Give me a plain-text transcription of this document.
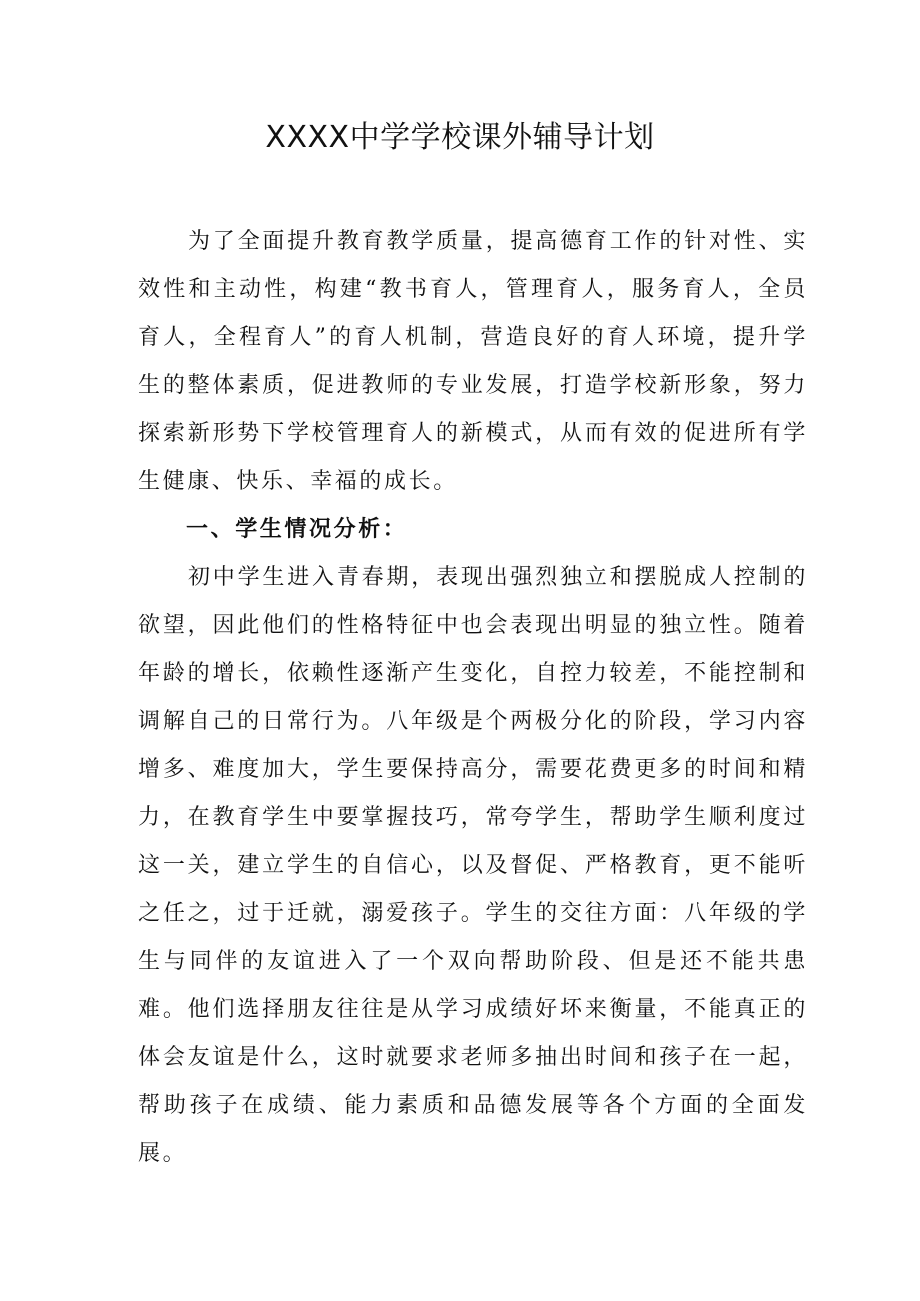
XXXX中学学校课外辅导计划

为了全面提升教育教学质量，提高德育工作的针对性、实效性和主动性，构建“教书育人，管理育人，服务育人，全员育人，全程育人”的育人机制，营造良好的育人环境，提升学生的整体素质，促进教师的专业发展，打造学校新形象，努力探索新形势下学校管理育人的新模式，从而有效的促进所有学生健康、快乐、幸福的成长。

一、学生情况分析：

初中学生进入青春期，表现出强烈独立和摆脱成人控制的欲望，因此他们的性格特征中也会表现出明显的独立性。随着年龄的增长，依赖性逐渐产生变化，自控力较差，不能控制和调解自己的日常行为。八年级是个两极分化的阶段，学习内容增多、难度加大，学生要保持高分，需要花费更多的时间和精力，在教育学生中要掌握技巧，常夸学生，帮助学生顺利度过这一关，建立学生的自信心，以及督促、严格教育，更不能听之任之，过于迁就，溺爱孩子。学生的交往方面：八年级的学生与同伴的友谊进入了一个双向帮助阶段、但是还不能共患难。他们选择朋友往往是从学习成绩好坏来衡量，不能真正的体会友谊是什么，这时就要求老师多抽出时间和孩子在一起，帮助孩子在成绩、能力素质和品德发展等各个方面的全面发展。
